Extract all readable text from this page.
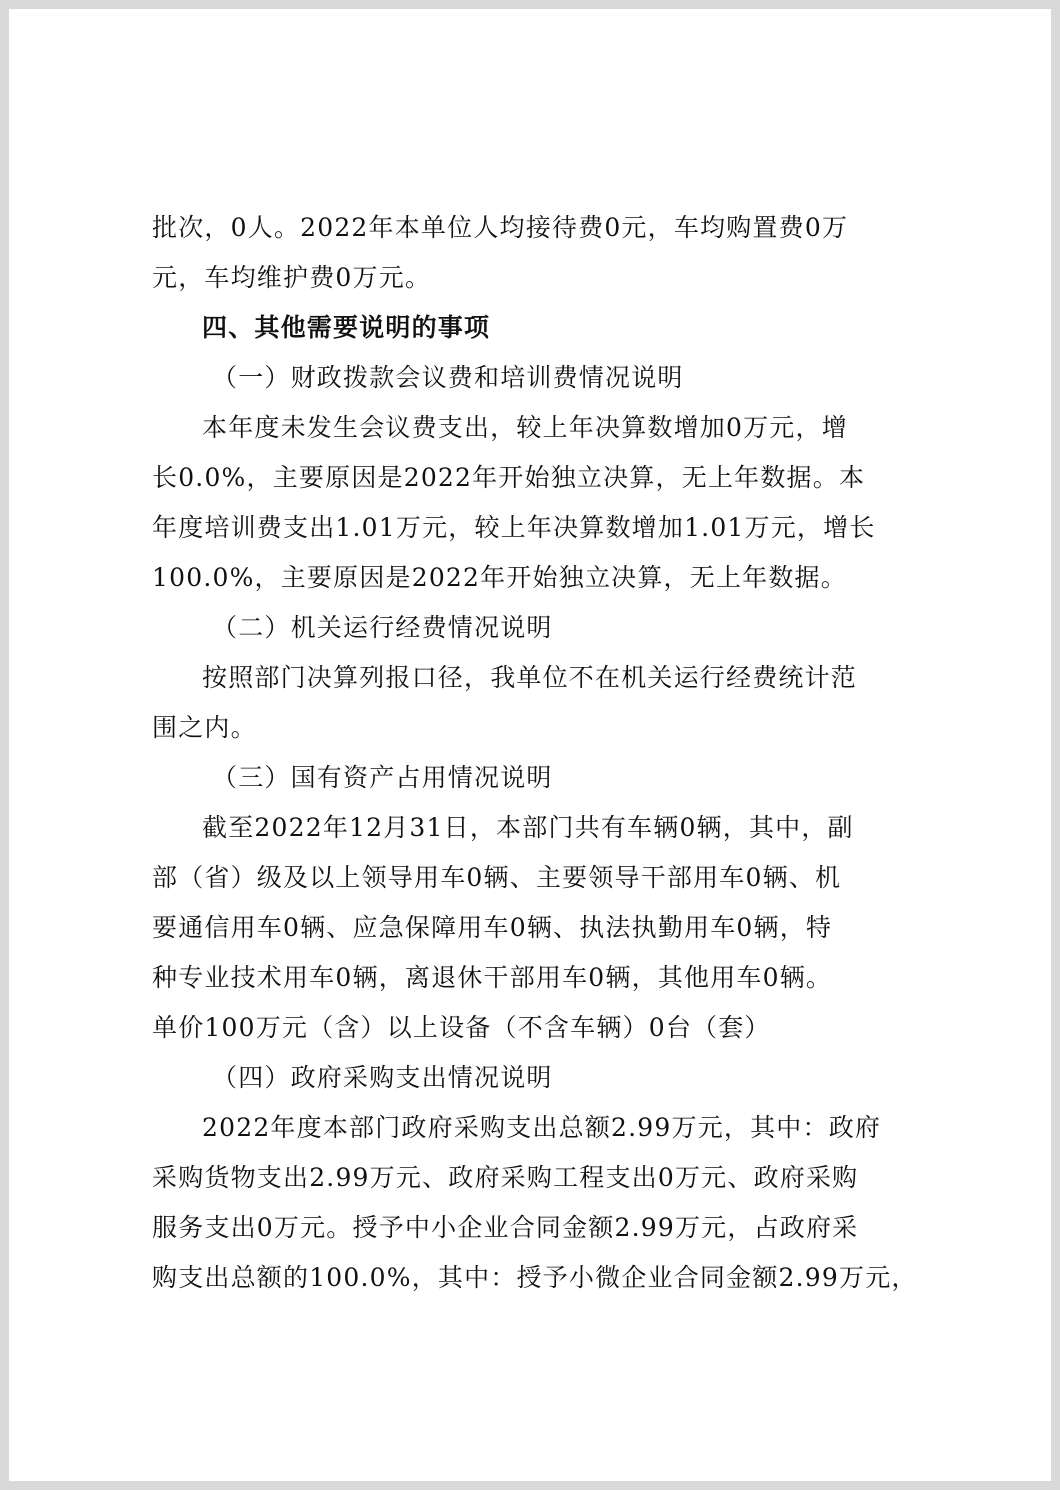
批次，0人。2022年本单位人均接待费0元，车均购置费0万
元，车均维护费0万元。
四、其他需要说明的事项
（一）财政拨款会议费和培训费情况说明
本年度未发生会议费支出，较上年决算数增加0万元，增
长0.0%，主要原因是2022年开始独立决算，无上年数据。本
年度培训费支出1.01万元，较上年决算数增加1.01万元，增长
100.0%，主要原因是2022年开始独立决算，无上年数据。
（二）机关运行经费情况说明
按照部门决算列报口径，我单位不在机关运行经费统计范
围之内。
（三）国有资产占用情况说明
截至2022年12月31日，本部门共有车辆0辆，其中，副
部（省）级及以上领导用车0辆、主要领导干部用车0辆、机
要通信用车0辆、应急保障用车0辆、执法执勤用车0辆，特
种专业技术用车0辆，离退休干部用车0辆，其他用车0辆。
单价100万元（含）以上设备（不含车辆）0台（套）
（四）政府采购支出情况说明
2022年度本部门政府采购支出总额2.99万元，其中：政府
采购货物支出2.99万元、政府采购工程支出0万元、政府采购
服务支出0万元。授予中小企业合同金额2.99万元，占政府采
购支出总额的100.0%，其中：授予小微企业合同金额2.99万元，
